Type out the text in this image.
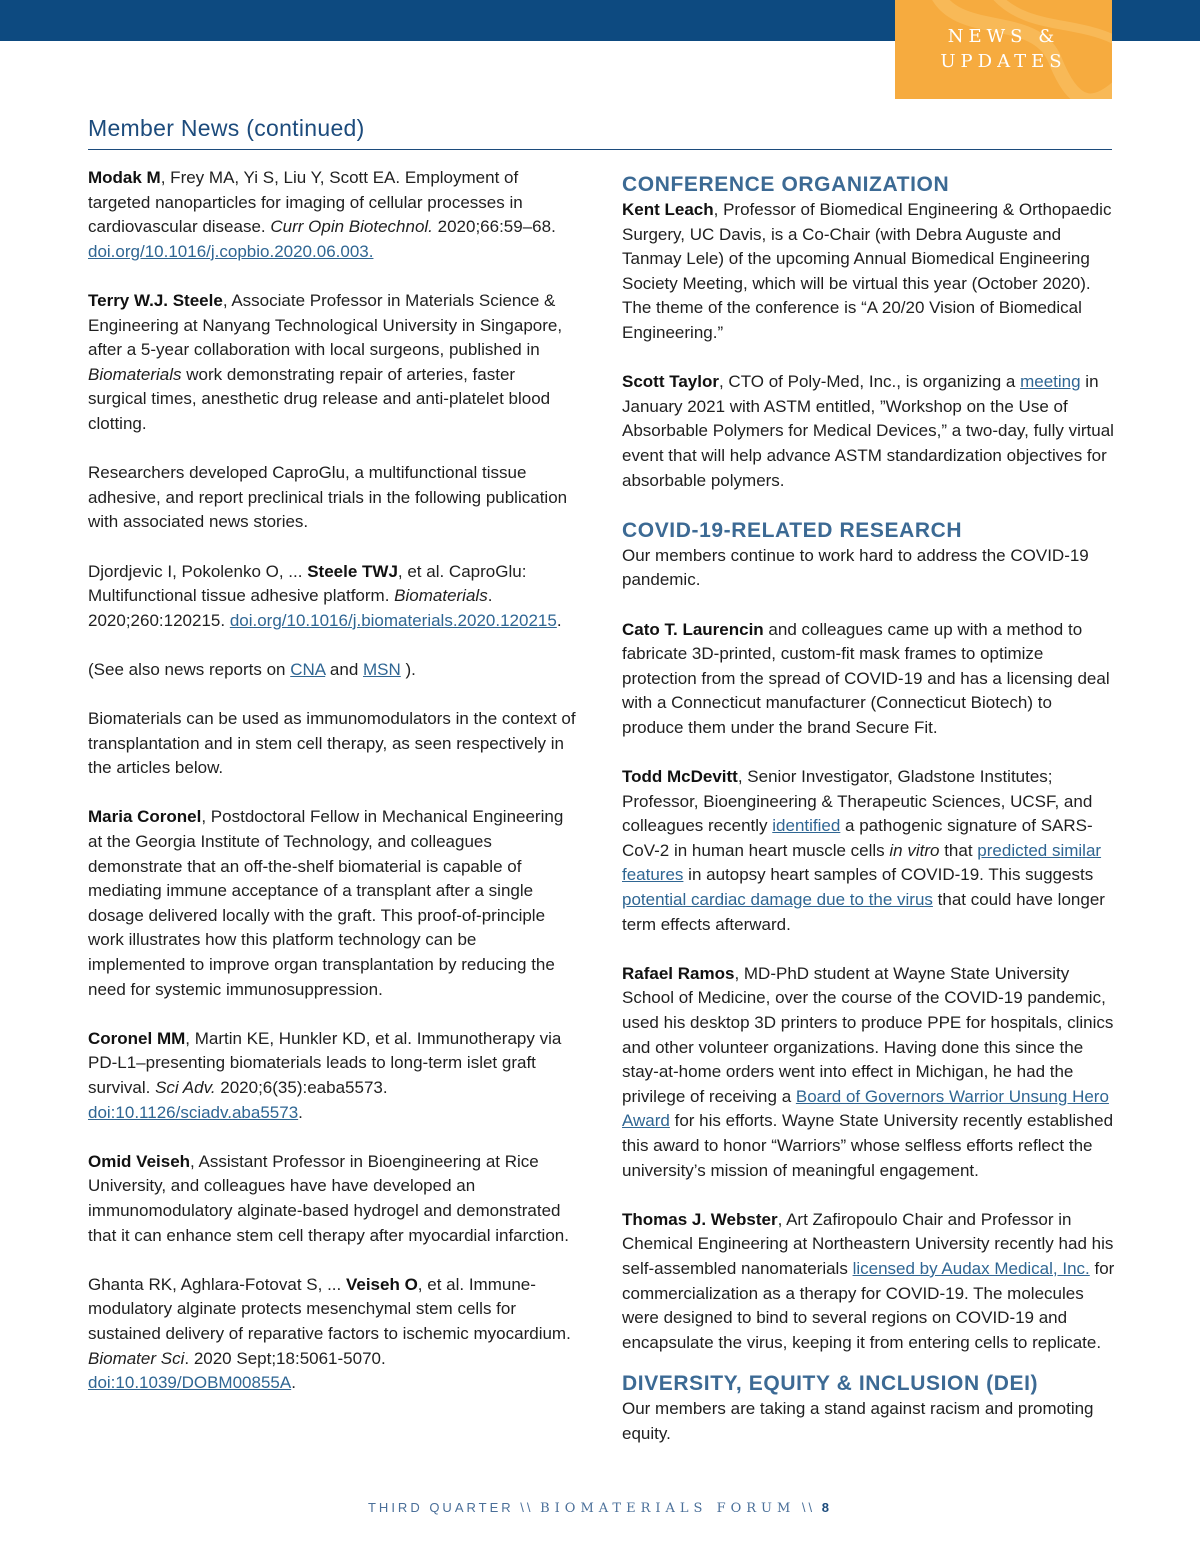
NEWS &
UPDATES
Member News (continued)

Modak M, Frey MA, Yi S, Liu Y, Scott EA. Employment of targeted nanoparticles for imaging of cellular processes in cardiovascular disease. Curr Opin Biotechnol. 2020;66:59–68. doi.org/10.1016/j.copbio.2020.06.003.

Terry W.J. Steele, Associate Professor in Materials Science & Engineering at Nanyang Technological University in Singapore, after a 5-year collaboration with local surgeons, published in Biomaterials work demonstrating repair of arteries, faster surgical times, anesthetic drug release and anti-platelet blood clotting.

Researchers developed CaproGlu, a multifunctional tissue adhesive, and report preclinical trials in the following publication with associated news stories.

Djordjevic I, Pokolenko O, ... Steele TWJ, et al. CaproGlu: Multifunctional tissue adhesive platform. Biomaterials. 2020;260:120215. doi.org/10.1016/j.biomaterials.2020.120215.

(See also news reports on CNA and MSN ).

Biomaterials can be used as immunomodulators in the context of transplantation and in stem cell therapy, as seen respectively in the articles below.

Maria Coronel, Postdoctoral Fellow in Mechanical Engineering at the Georgia Institute of Technology, and colleagues demonstrate that an off-the-shelf biomaterial is capable of mediating immune acceptance of a transplant after a single dosage delivered locally with the graft. This proof-of-principle work illustrates how this platform technology can be implemented to improve organ transplantation by reducing the need for systemic immunosuppression.

Coronel MM, Martin KE, Hunkler KD, et al. Immunotherapy via PD-L1–presenting biomaterials leads to long-term islet graft survival. Sci Adv. 2020;6(35):eaba5573. doi:10.1126/sciadv.aba5573.

Omid Veiseh, Assistant Professor in Bioengineering at Rice University, and colleagues have have developed an immunomodulatory alginate-based hydrogel and demonstrated that it can enhance stem cell therapy after myocardial infarction.

Ghanta RK, Aghlara-Fotovat S, ... Veiseh O, et al. Immune-modulatory alginate protects mesenchymal stem cells for sustained delivery of reparative factors to ischemic myocardium. Biomater Sci. 2020 Sept;18:5061-5070. doi:10.1039/DOBM00855A.

CONFERENCE ORGANIZATION

Kent Leach, Professor of Biomedical Engineering & Orthopaedic Surgery, UC Davis, is a Co-Chair (with Debra Auguste and Tanmay Lele) of the upcoming Annual Biomedical Engineering Society Meeting, which will be virtual this year (October 2020). The theme of the conference is “A 20/20 Vision of Biomedical Engineering.”

Scott Taylor, CTO of Poly-Med, Inc., is organizing a meeting in January 2021 with ASTM entitled, ”Workshop on the Use of Absorbable Polymers for Medical Devices,” a two-day, fully virtual event that will help advance ASTM standardization objectives for absorbable polymers.

COVID-19-RELATED RESEARCH

Our members continue to work hard to address the COVID-19 pandemic.

Cato T. Laurencin and colleagues came up with a method to fabricate 3D-printed, custom-fit mask frames to optimize protection from the spread of COVID-19 and has a licensing deal with a Connecticut manufacturer (Connecticut Biotech) to produce them under the brand Secure Fit.

Todd McDevitt, Senior Investigator, Gladstone Institutes; Professor, Bioengineering & Therapeutic Sciences, UCSF, and colleagues recently identified a pathogenic signature of SARS-CoV-2 in human heart muscle cells in vitro that predicted similar features in autopsy heart samples of COVID-19. This suggests potential cardiac damage due to the virus that could have longer term effects afterward.

Rafael Ramos, MD-PhD student at Wayne State University School of Medicine, over the course of the COVID-19 pandemic, used his desktop 3D printers to produce PPE for hospitals, clinics and other volunteer organizations. Having done this since the stay-at-home orders went into effect in Michigan, he had the privilege of receiving a Board of Governors Warrior Unsung Hero Award for his efforts. Wayne State University recently established this award to honor “Warriors” whose selfless efforts reflect the university’s mission of meaningful engagement.

Thomas J. Webster, Art Zafiropoulo Chair and Professor in Chemical Engineering at Northeastern University recently had his self-assembled nanomaterials licensed by Audax Medical, Inc. for commercialization as a therapy for COVID-19. The molecules were designed to bind to several regions on COVID-19 and encapsulate the virus, keeping it from entering cells to replicate.

DIVERSITY, EQUITY & INCLUSION (DEI)

Our members are taking a stand against racism and promoting equity.

THIRD QUARTER \\ BIOMATERIALS FORUM \\ 8
